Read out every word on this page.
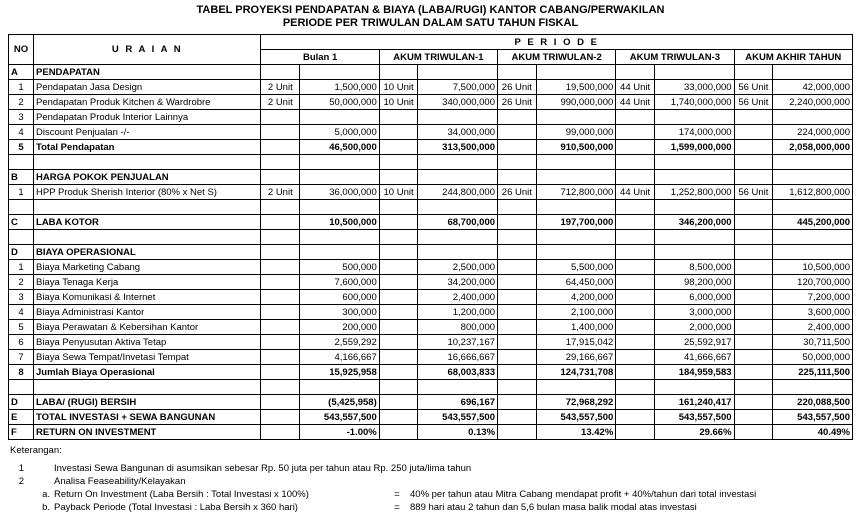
TABEL PROYEKSI PENDAPATAN & BIAYA (LABA/RUGI) KANTOR CABANG/PERWAKILAN
PERIODE PER TRIWULAN DALAM SATU TAHUN FISKAL
NO	U R A I A N	P E R I O D E									
		Bulan 1		AKUM TRIWULAN-1		AKUM TRIWULAN-2		AKUM TRIWULAN-3		AKUM AKHIR TAHUN	
A	PENDAPATAN										
1	Pendapatan Jasa Design	2 Unit	1,500,000	10 Unit	7,500,000	26 Unit	19,500,000	44 Unit	33,000,000	56 Unit	42,000,000
2	Pendapatan Produk Kitchen & Wardrobre	2 Unit	50,000,000	10 Unit	340,000,000	26 Unit	990,000,000	44 Unit	1,740,000,000	56 Unit	2,240,000,000
3	Pendapatan Produk Interior Lainnya										
4	Discount Penjualan -/-		5,000,000		34,000,000		99,000,000		174,000,000		224,000,000
5	Total Pendapatan		46,500,000		313,500,000		910,500,000		1,599,000,000		2,058,000,000

B	HARGA POKOK PENJUALAN										
1	HPP Produk Sherish Interior (80% x Net S)	2 Unit	36,000,000	10 Unit	244,800,000	26 Unit	712,800,000	44 Unit	1,252,800,000	56 Unit	1,612,800,000

C	LABA KOTOR		10,500,000		68,700,000		197,700,000		346,200,000		445,200,000

D	BIAYA OPERASIONAL										
1	Biaya Marketing Cabang		500,000		2,500,000		5,500,000		8,500,000		10,500,000
2	Biaya Tenaga Kerja		7,600,000		34,200,000		64,450,000		98,200,000		120,700,000
3	Biaya Komunikasi & Internet		600,000		2,400,000		4,200,000		6,000,000		7,200,000
4	Biaya Administrasi Kantor		300,000		1,200,000		2,100,000		3,000,000		3,600,000
5	Biaya Perawatan & Kebersihan Kantor		200,000		800,000		1,400,000		2,000,000		2,400,000
6	Biaya Penyusutan Aktiva Tetap		2,559,292		10,237,167		17,915,042		25,592,917		30,711,500
7	Biaya Sewa Tempat/Invetasi Tempat		4,166,667		16,666,667		29,166,667		41,666,667		50,000,000
8	Jumlah Biaya Operasional		15,925,958		68,003,833		124,731,708		184,959,583		225,111,500

D	LABA/ (RUGI) BERSIH		(5,425,958)		696,167		72,968,292		161,240,417		220,088,500
E	TOTAL INVESTASI + SEWA BANGUNAN		543,557,500		543,557,500		543,557,500		543,557,500		543,557,500
F	RETURN ON INVESTMENT		-1.00%		0.13%		13.42%		29.66%		40.49%
Keterangan:
1	Investasi Sewa Bangunan di asumsikan sebesar Rp. 50 juta per tahun atau Rp. 250 juta/lima tahun
2	Analisa Feaseability/Kelayakan
a. Return On Investment (Laba Bersih : Total Investasi x 100%)	=	40% per tahun atau Mitra Cabang mendapat profit + 40%/tahun dari total investasi
b. Payback Periode (Total Investasi : Laba Bersih x 360 hari)	=	889 hari atau 2 tahun dan 5,6 bulan masa balik modal atas investasi
